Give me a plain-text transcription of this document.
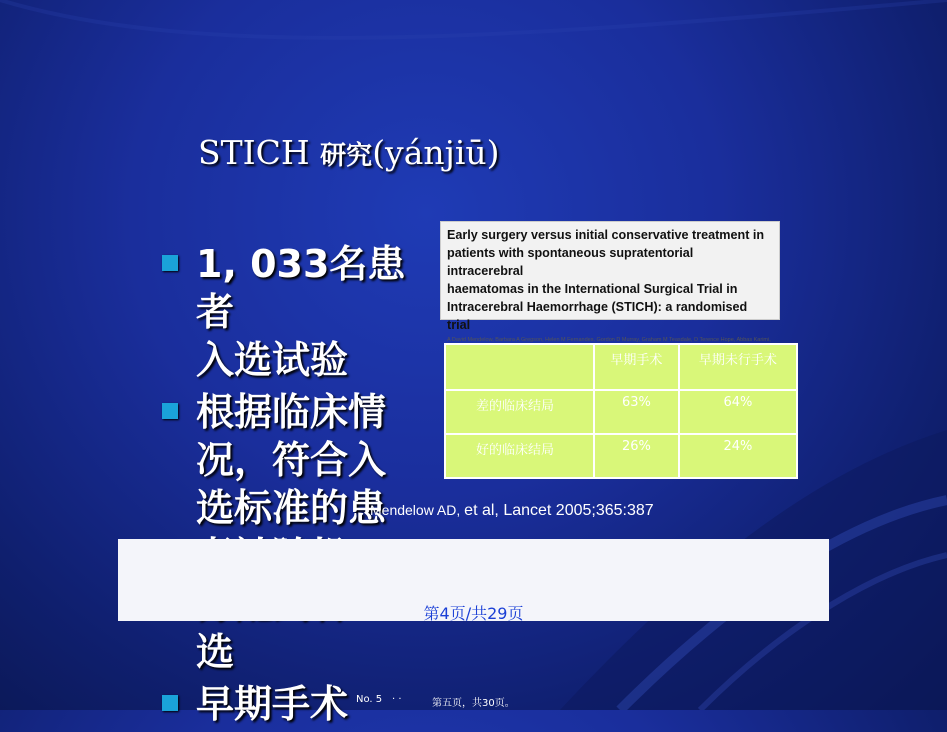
STICH 研究(yánjiū)
1, 033名患者
入选试验
根据临床情
况，符合入
选标准的患
选
早期手术
Early surgery versus initial conservative treatment in
patients with spontaneous supratentorial intracerebral
haematomas in the International Surgical Trial in
Intracerebral Haemorrhage (STICH): a randomised trial
A David Mendelow, Barbara A Gregson, Helen M Fernandes, Gordon D Murray, Graham M Teasdale, D Terence Hope, Abbas Karimi,
	早期手术	早期未行手术
差的临床结局	63%	64%
好的临床结局	26%	24%
Mendelow AD, et al, Lancet 2005;365:387
第4页/共29页
No. 5 · ·	第五页，共30页。
